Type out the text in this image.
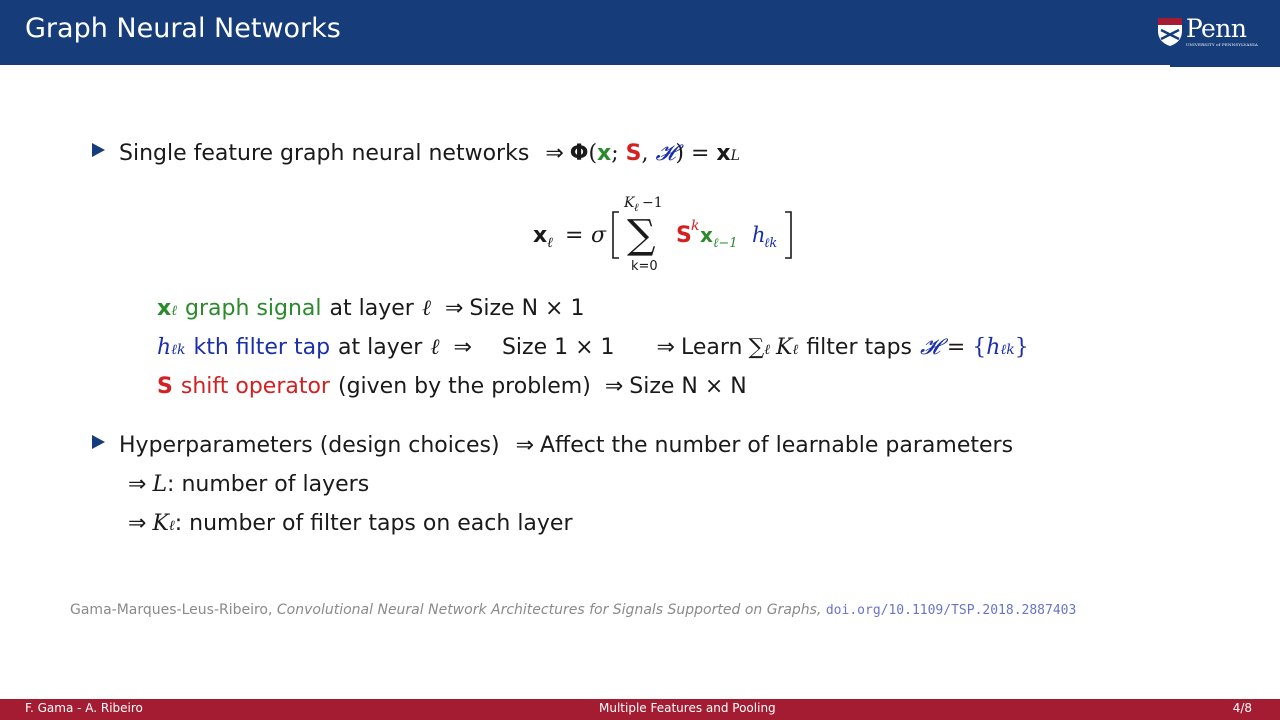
Graph Neural Networks	Penn
UNIVERSITY of PENNSYLVANIA
Single feature graph neural networks ⇒ Φ ( x ; S , 𝓗 ) = x L
x ℓ = σ
K ℓ −1
∑
k=0
S k x ℓ−1 h
ℓk
x ℓ graph signal at layer ℓ ⇒ Size N × 1
h ℓk kth filter tap at layer ℓ ⇒ Size 1 × 1 ⇒ Learn ∑ ℓ K ℓ filter taps 𝓗 = { h ℓk }
S shift operator (given by the problem) ⇒ Size N × N
Hyperparameters (design choices) ⇒ Affect the number of learnable parameters
⇒ L : number of layers
⇒ K ℓ : number of filter taps on each layer
Gama-Marques-Leus-Ribeiro, Convolutional Neural Network Architectures for Signals Supported on Graphs, doi.org/10.1109/TSP.2018.2887403
F. Gama - A. Ribeiro	Multiple Features and Pooling	4/8
